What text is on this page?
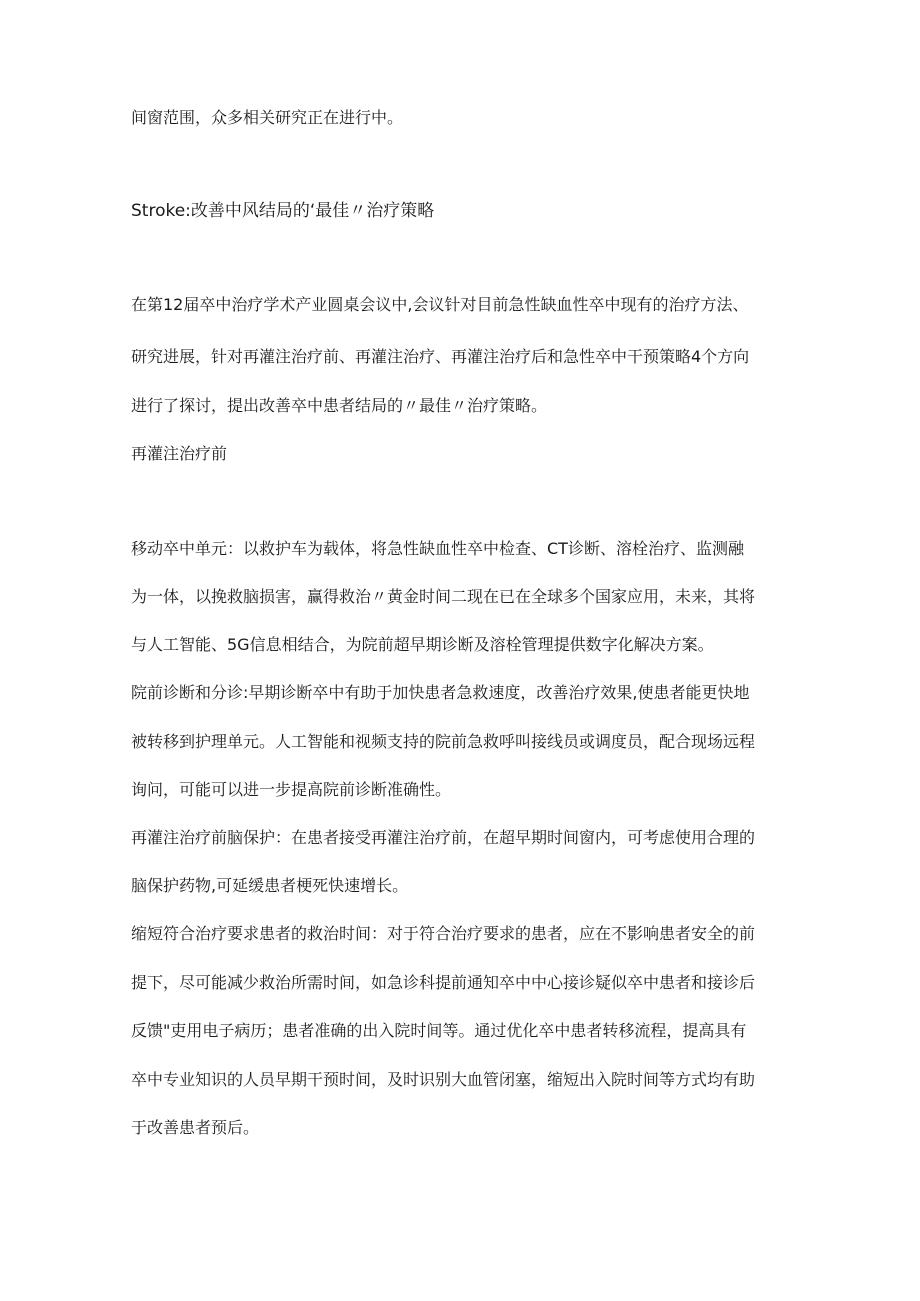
间窗范围，众多相关研究正在进行中。
Stroke:改善中风结局的‘最佳〃治疗策略
在第12届卒中治疗学术产业圆桌会议中,会议针对目前急性缺血性卒中现有的治疗方法、
研究进展，针对再灌注治疗前、再灌注治疗、再灌注治疗后和急性卒中干预策略4个方向
进行了探讨，提出改善卒中患者结局的〃最佳〃治疗策略。
再灌注治疗前
移动卒中单元：以救护车为载体，将急性缺血性卒中检查、CT诊断、溶栓治疗、监测融
为一体，以挽救脑损害，赢得救治〃黄金时间二现在已在全球多个国家应用，未来，其将
与人工智能、5G信息相结合，为院前超早期诊断及溶栓管理提供数字化解决方案。
院前诊断和分诊:早期诊断卒中有助于加快患者急救速度，改善治疗效果,使患者能更快地
被转移到护理单元。人工智能和视频支持的院前急救呼叫接线员或调度员，配合现场远程
询问，可能可以进一步提高院前诊断准确性。
再灌注治疗前脑保护：在患者接受再灌注治疗前，在超早期时间窗内，可考虑使用合理的
脑保护药物,可延缓患者梗死快速增长。
缩短符合治疗要求患者的救治时间：对于符合治疗要求的患者，应在不影响患者安全的前
提下，尽可能减少救治所需时间，如急诊科提前通知卒中中心接诊疑似卒中患者和接诊后
反馈"吏用电子病历；患者准确的出入院时间等。通过优化卒中患者转移流程，提高具有
卒中专业知识的人员早期干预时间，及时识别大血管闭塞，缩短出入院时间等方式均有助
于改善患者预后。
